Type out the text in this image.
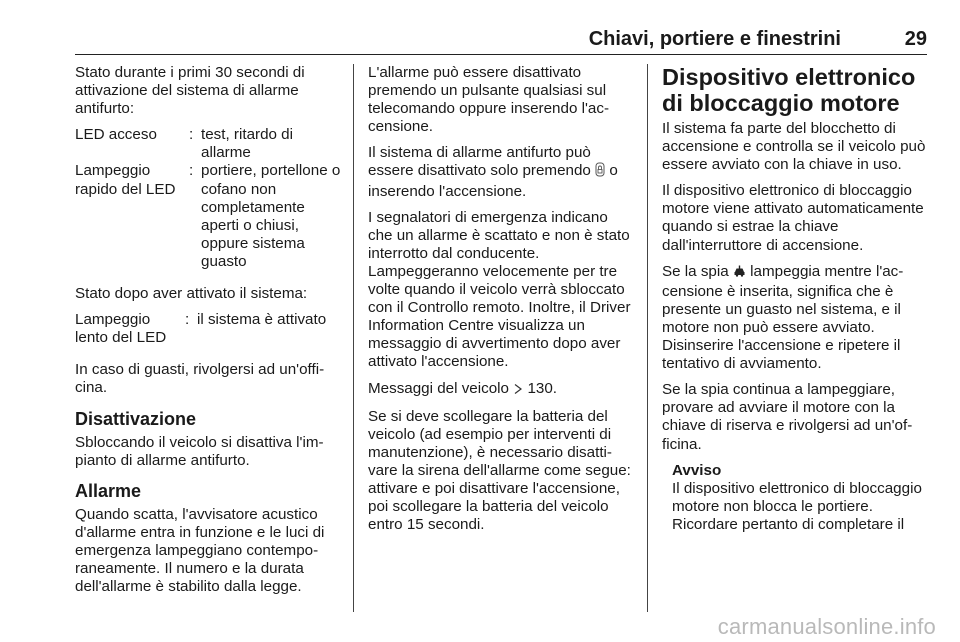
Chiavi, portiere e finestrini	29

Stato durante i primi 30 secondi di attivazione del sistema di allarme antifurto:

LED acceso	: test, ritardo di allarme
Lampeggio rapido del LED
: portiere, portellone o cofano non completamente aperti o chiusi, oppure sistema guasto

Stato dopo aver attivato il sistema:

Lampeggio lento del LED
: il sistema è attivato

In caso di guasti, rivolgersi ad un'officina.

Disattivazione

Sbloccando il veicolo si disattiva l'impianto di allarme antifurto.

Allarme

Quando scatta, l'avvisatore acustico d'allarme entra in funzione e le luci di emergenza lampeggiano contemporaneamente. Il numero e la durata dell'allarme è stabilito dalla legge.

L'allarme può essere disattivato premendo un pulsante qualsiasi sul telecomando oppure inserendo l'accensione.

Il sistema di allarme antifurto può essere disattivato solo premendo o inserendo l'accensione.

I segnalatori di emergenza indicano che un allarme è scattato e non è stato interrotto dal conducente. Lampeggeranno velocemente per tre volte quando il veicolo verrà sbloccato con il Controllo remoto. Inoltre, il Driver Information Centre visualizza un messaggio di avvertimento dopo aver attivato l'accensione.

Messaggi del veicolo 130.

Se si deve scollegare la batteria del veicolo (ad esempio per interventi di manutenzione), è necessario disattivare la sirena dell'allarme come segue: attivare e poi disattivare l'accensione, poi scollegare la batteria del veicolo entro 15 secondi.

Dispositivo elettronico di bloccaggio motore

Il sistema fa parte del blocchetto di accensione e controlla se il veicolo può essere avviato con la chiave in uso.

Il dispositivo elettronico di bloccaggio motore viene attivato automaticamente quando si estrae la chiave dall'interruttore di accensione.

Se la spia lampeggia mentre l'accensione è inserita, significa che è presente un guasto nel sistema, e il motore non può essere avviato. Disinserire l'accensione e ripetere il tentativo di avviamento.

Se la spia continua a lampeggiare, provare ad avviare il motore con la chiave di riserva e rivolgersi ad un'officina.

Avviso
Il dispositivo elettronico di bloccaggio motore non blocca le portiere. Ricordare pertanto di completare il
carmanualsonline.info
